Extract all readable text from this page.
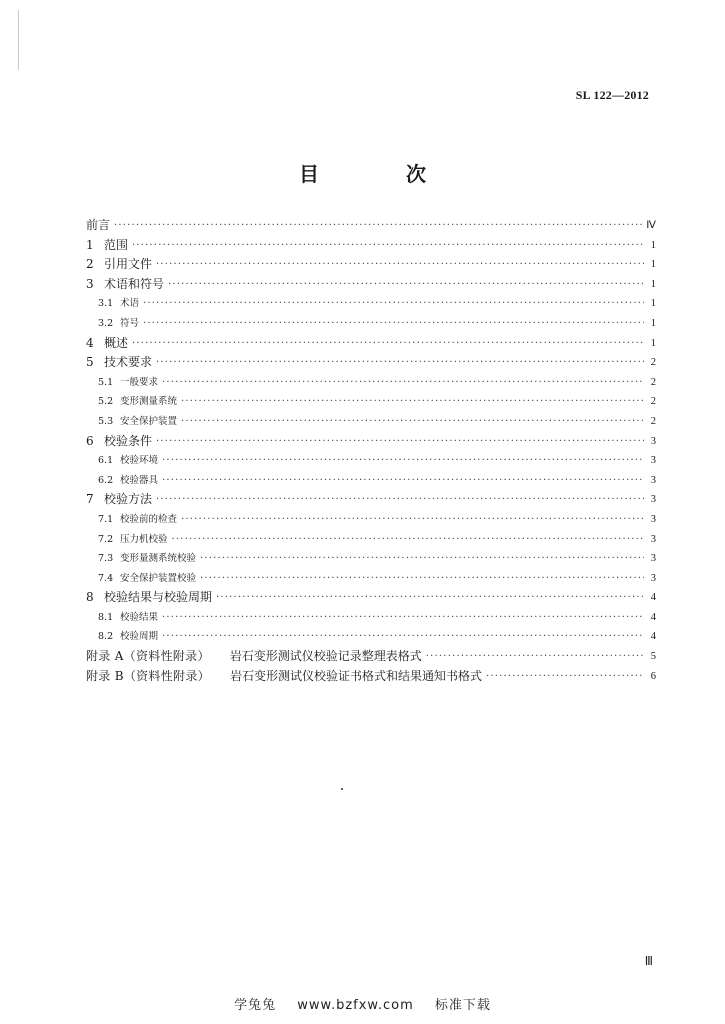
SL 122—2012
目 次
前言 ·····	Ⅳ
1 范围 ·····	1
2 引用文件 ·····	1
3 术语和符号 ·····	1
3.1 术语 ·····	1
3.2 符号 ·····	1
4 概述 ·····	1
5 技术要求 ·····	2
5.1 一般要求 ·····	2
5.2 变形测量系统 ·····	2
5.3 安全保护装置 ·····	2
6 校验条件 ·····	3
6.1 校验环境 ·····	3
6.2 校验器具 ·····	3
7 校验方法 ·····	3
7.1 校验前的检查 ·····	3
7.2 压力机校验 ·····	3
7.3 变形量测系统校验 ·····	3
7.4 安全保护装置校验 ·····	3
8 校验结果与校验周期 ·····	4
8.1 校验结果 ·····	4
8.2 校验周期 ·····	4
附录 A（资料性附录）	岩石变形测试仪校验记录整理表格式 ·····	5
附录 B（资料性附录）	岩石变形测试仪校验证书格式和结果通知书格式 ·····	6
Ⅲ
学兔兔 www.bzfxw.com 标准下载
